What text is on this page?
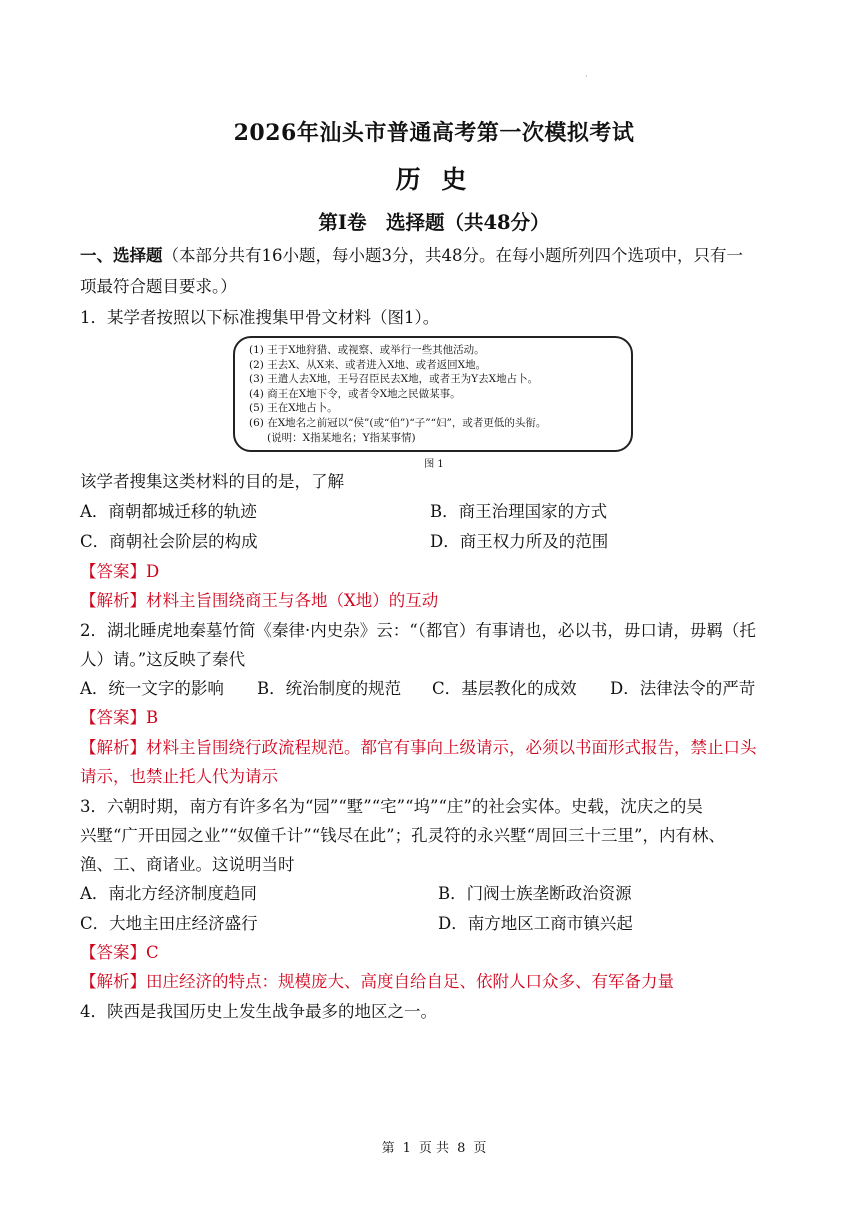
·
2026年汕头市普通高考第一次模拟考试
历 史
第Ⅰ卷　选择题（共48分）
一、选择题（本部分共有16小题，每小题3分，共48分。在每小题所列四个选项中，只有一
项最符合题目要求。）
1．某学者按照以下标准搜集甲骨文材料（图1）。
(1) 王于X地狩猎、或视察、或举行一些其他活动。
(2) 王去X、从X来、或者进入X地、或者返回X地。
(3) 王遣人去X地，王号召臣民去X地，或者王为Y去X地占卜。
(4) 商王在X地下令，或者令X地之民做某事。
(5) 王在X地占卜。
(6) 在X地名之前冠以“侯”(或“伯”)“子”“妇”，或者更低的头衔。
(说明：X指某地名；Y指某事情)
图 1
该学者搜集这类材料的目的是，了解
A．商朝都城迁移的轨迹	B．商王治理国家的方式
C．商朝社会阶层的构成	D．商王权力所及的范围
【答案】D
【解析】材料主旨围绕商王与各地（X地）的互动
2．湖北睡虎地秦墓竹简《秦律·内史杂》云：“（都官）有事请也，必以书，毋口请，毋羁（托
人）请。”这反映了秦代
A．统一文字的影响 B．统治制度的规范 C．基层教化的成效 D．法律法令的严苛
【答案】B
【解析】材料主旨围绕行政流程规范。都官有事向上级请示，必须以书面形式报告，禁止口头
请示，也禁止托人代为请示
3．六朝时期，南方有许多名为“园”“墅”“宅”“坞”“庄”的社会实体。史载，沈庆之的吴
兴墅“广开田园之业”“奴僮千计”“钱尽在此”；孔灵符的永兴墅“周回三十三里”，内有林、
渔、工、商诸业。这说明当时
A．南北方经济制度趋同	B．门阀士族垄断政治资源
C．大地主田庄经济盛行	D．南方地区工商市镇兴起
【答案】C
【解析】田庄经济的特点：规模庞大、高度自给自足、依附人口众多、有军备力量
4．陕西是我国历史上发生战争最多的地区之一。
第 1 页 共 8 页
